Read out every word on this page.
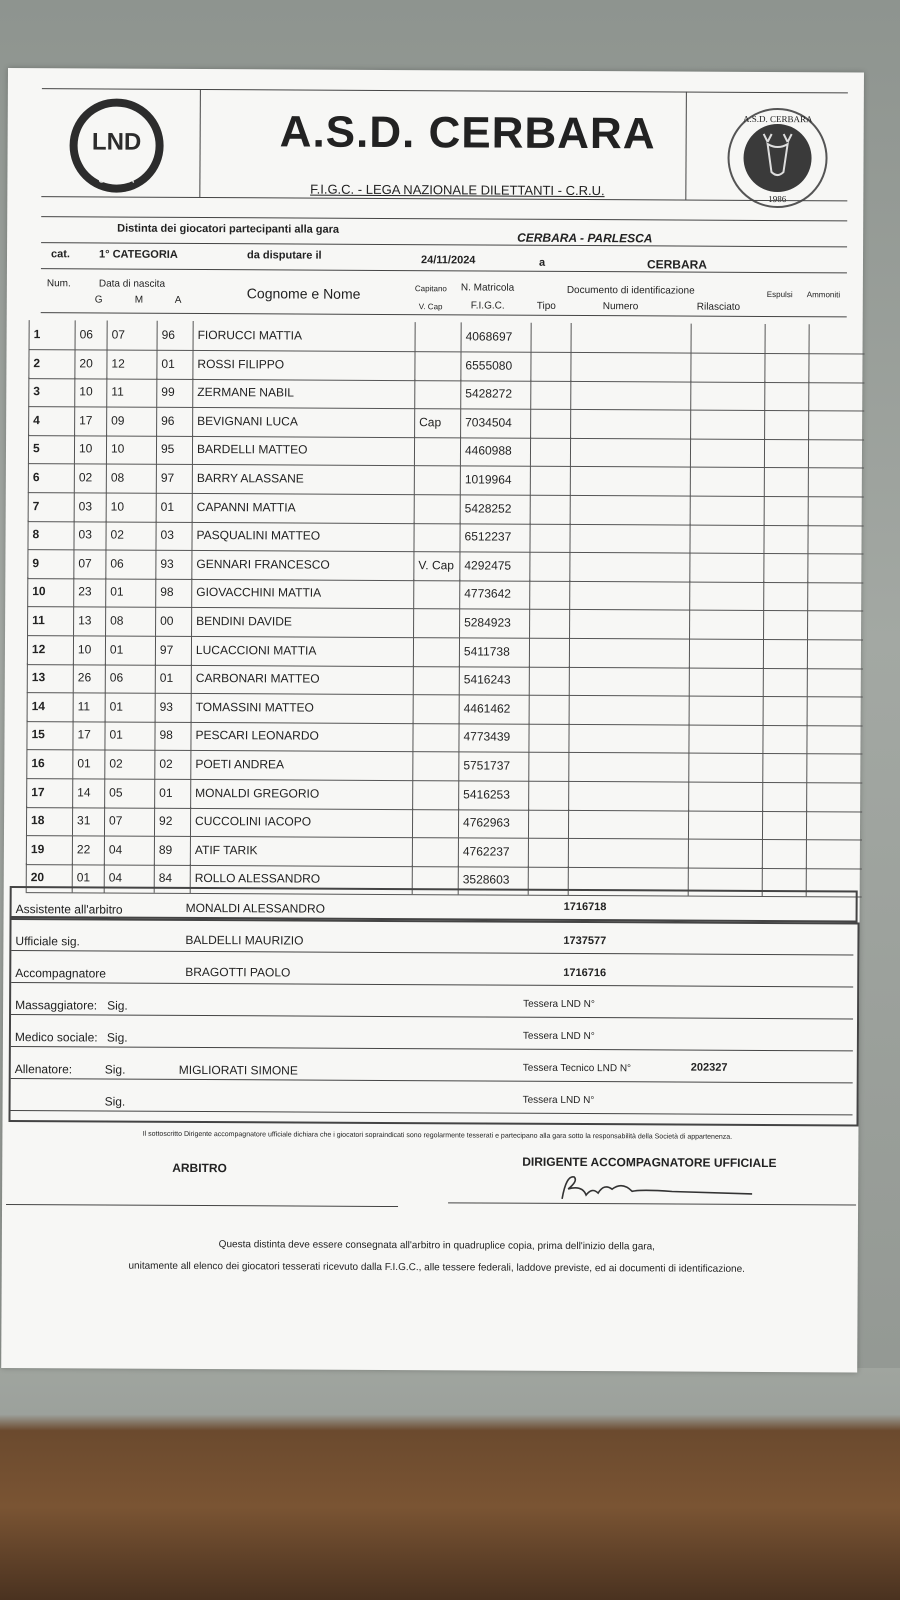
LND
UMBRIA
A.S.D. CERBARA
1986
A.S.D. CERBARA
F.I.G.C. - LEGA NAZIONALE DILETTANTI - C.R.U.
Distinta dei giocatori partecipanti alla gara
CERBARA - PARLESCA
cat.	1° CATEGORIA	da disputare il	24/11/2024	a	CERBARA
Num.	Data di nascita
G	M	A	Cognome e Nome	Capitano
V. Cap
N. Matricola
F.I.G.C.
Documento di identificazione
Tipo	Numero	Rilasciato
Espulsi Ammoniti
1	06	07	96	FIORUCCI MATTIA	4068697
2	20	12	01	ROSSI FILIPPO	6555080
3	10	11	99	ZERMANE NABIL	5428272
4	17	09	96	BEVIGNANI LUCA	Cap	7034504
5	10	10	95	BARDELLI MATTEO	4460988
6	02	08	97	BARRY ALASSANE	1019964
7	03	10	01	CAPANNI MATTIA	5428252
8	03	02	03	PASQUALINI MATTEO	6512237
9	07	06	93	GENNARI FRANCESCO	V. Cap 4292475
10	23	01	98	GIOVACCHINI MATTIA	4773642
11	13	08	00	BENDINI DAVIDE	5284923
12	10	01	97	LUCACCIONI MATTIA	5411738
13	26	06	01	CARBONARI MATTEO	5416243
14	11	01	93	TOMASSINI MATTEO	4461462
15	17	01	98	PESCARI LEONARDO	4773439
16	01	02	02	POETI ANDREA	5751737
17	14	05	01	MONALDI GREGORIO	5416253
18	31	07	92	CUCCOLINI IACOPO	4762963
19	22	04	89	ATIF TARIK	4762237
20	01	04	84	ROLLO ALESSANDRO	3528603
Assistente all'arbitro	MONALDI ALESSANDRO	1716718
Ufficiale sig.	BALDELLI MAURIZIO	1737577
Accompagnatore	BRAGOTTI PAOLO	1716716
Massaggiatore: Sig.	Tessera LND N°
Medico sociale: Sig.	Tessera LND N°
Allenatore:	Sig.	MIGLIORATI SIMONE	Tessera Tecnico LND N°	202327
Sig.	Tessera LND N°
Il sottoscritto Dirigente accompagnatore ufficiale dichiara che i giocatori sopraindicati sono regolarmente tesserati e partecipano alla gara sotto la responsabilità della Società di appartenenza.
ARBITRO	DIRIGENTE ACCOMPAGNATORE UFFICIALE
Questa distinta deve essere consegnata all'arbitro in quadruplice copia, prima dell'inizio della gara,
unitamente all elenco dei giocatori tesserati ricevuto dalla F.I.G.C., alle tessere federali, laddove previste, ed ai documenti di identificazione.
